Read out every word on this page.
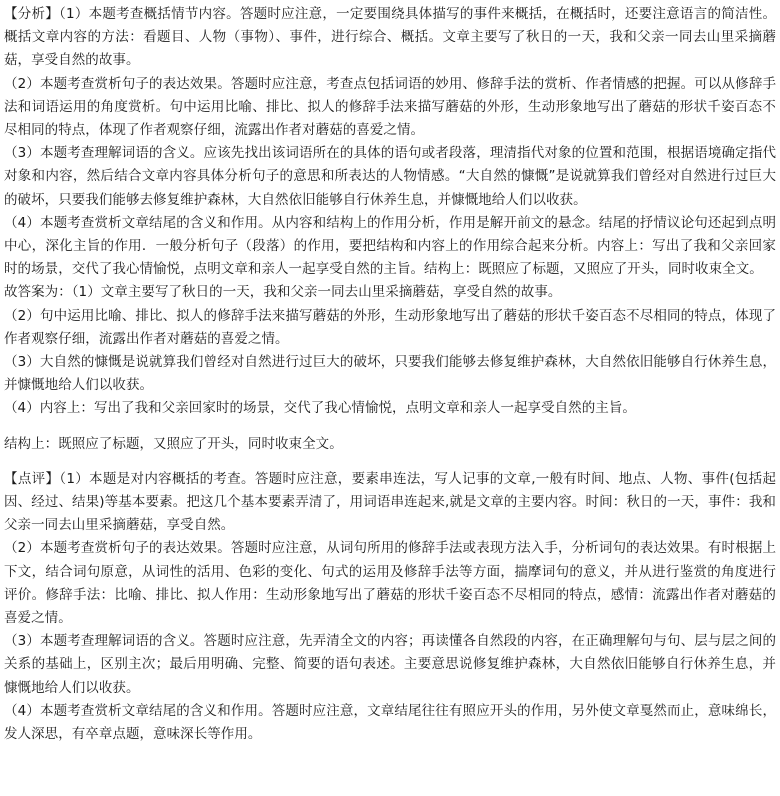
【分析】（1）本题考查概括情节内容。答题时应注意，一定要围绕具体描写的事件来概括，在概括时，还要注意语言的简洁性。概括文章内容的方法：看题目、人物（事物）、事件，进行综合、概括。文章主要写了秋日的一天，我和父亲一同去山里采摘蘑菇，享受自然的故事。

（2）本题考查赏析句子的表达效果。答题时应注意，考查点包括词语的妙用、修辞手法的赏析、作者情感的把握。可以从修辞手法和词语运用的角度赏析。句中运用比喻、排比、拟人的修辞手法来描写蘑菇的外形，生动形象地写出了蘑菇的形状千姿百态不尽相同的特点，体现了作者观察仔细，流露出作者对蘑菇的喜爱之情。

（3）本题考查理解词语的含义。应该先找出该词语所在的具体的语句或者段落，理清指代对象的位置和范围，根据语境确定指代对象和内容，然后结合文章内容具体分析句子的意思和所表达的人物情感。“大自然的慷慨”是说就算我们曾经对自然进行过巨大的破坏，只要我们能够去修复维护森林，大自然依旧能够自行休养生息，并慷慨地给人们以收获。

（4）本题考查赏析文章结尾的含义和作用。从内容和结构上的作用分析，作用是解开前文的悬念。结尾的抒情议论句还起到点明中心，深化主旨的作用．一般分析句子（段落）的作用，要把结构和内容上的作用综合起来分析。内容上：写出了我和父亲回家时的场景，交代了我心情愉悦，点明文章和亲人一起享受自然的主旨。结构上：既照应了标题，又照应了开头，同时收束全文。

故答案为：（1）文章主要写了秋日的一天，我和父亲一同去山里采摘蘑菇，享受自然的故事。

（2）句中运用比喻、排比、拟人的修辞手法来描写蘑菇的外形，生动形象地写出了蘑菇的形状千姿百态不尽相同的特点，体现了作者观察仔细，流露出作者对蘑菇的喜爱之情。

（3）大自然的慷慨是说就算我们曾经对自然进行过巨大的破坏，只要我们能够去修复维护森林，大自然依旧能够自行休养生息，并慷慨地给人们以收获。

（4）内容上：写出了我和父亲回家时的场景，交代了我心情愉悦，点明文章和亲人一起享受自然的主旨。

结构上：既照应了标题，又照应了开头，同时收束全文。

【点评】（1）本题是对内容概括的考查。答题时应注意，要素串连法，写人记事的文章,一般有时间、地点、人物、事件(包括起因、经过、结果)等基本要素。把这几个基本要素弄清了，用词语串连起来,就是文章的主要内容。时间：秋日的一天，事件：我和父亲一同去山里采摘蘑菇，享受自然。

（2）本题考查赏析句子的表达效果。答题时应注意，从词句所用的修辞手法或表现方法入手，分析词句的表达效果。有时根据上下文，结合词句原意，从词性的活用、色彩的变化、句式的运用及修辞手法等方面，揣摩词句的意义，并从进行鉴赏的角度进行评价。修辞手法：比喻、排比、拟人作用：生动形象地写出了蘑菇的形状千姿百态不尽相同的特点，感情：流露出作者对蘑菇的喜爱之情。

（3）本题考查理解词语的含义。答题时应注意，先弄清全文的内容；再读懂各自然段的内容，在正确理解句与句、层与层之间的关系的基础上，区别主次；最后用明确、完整、简要的语句表述。主要意思说修复维护森林，大自然依旧能够自行休养生息，并慷慨地给人们以收获。

（4）本题考查赏析文章结尾的含义和作用。答题时应注意，文章结尾往往有照应开头的作用，另外使文章戛然而止，意味绵长，发人深思，有卒章点题，意味深长等作用。
